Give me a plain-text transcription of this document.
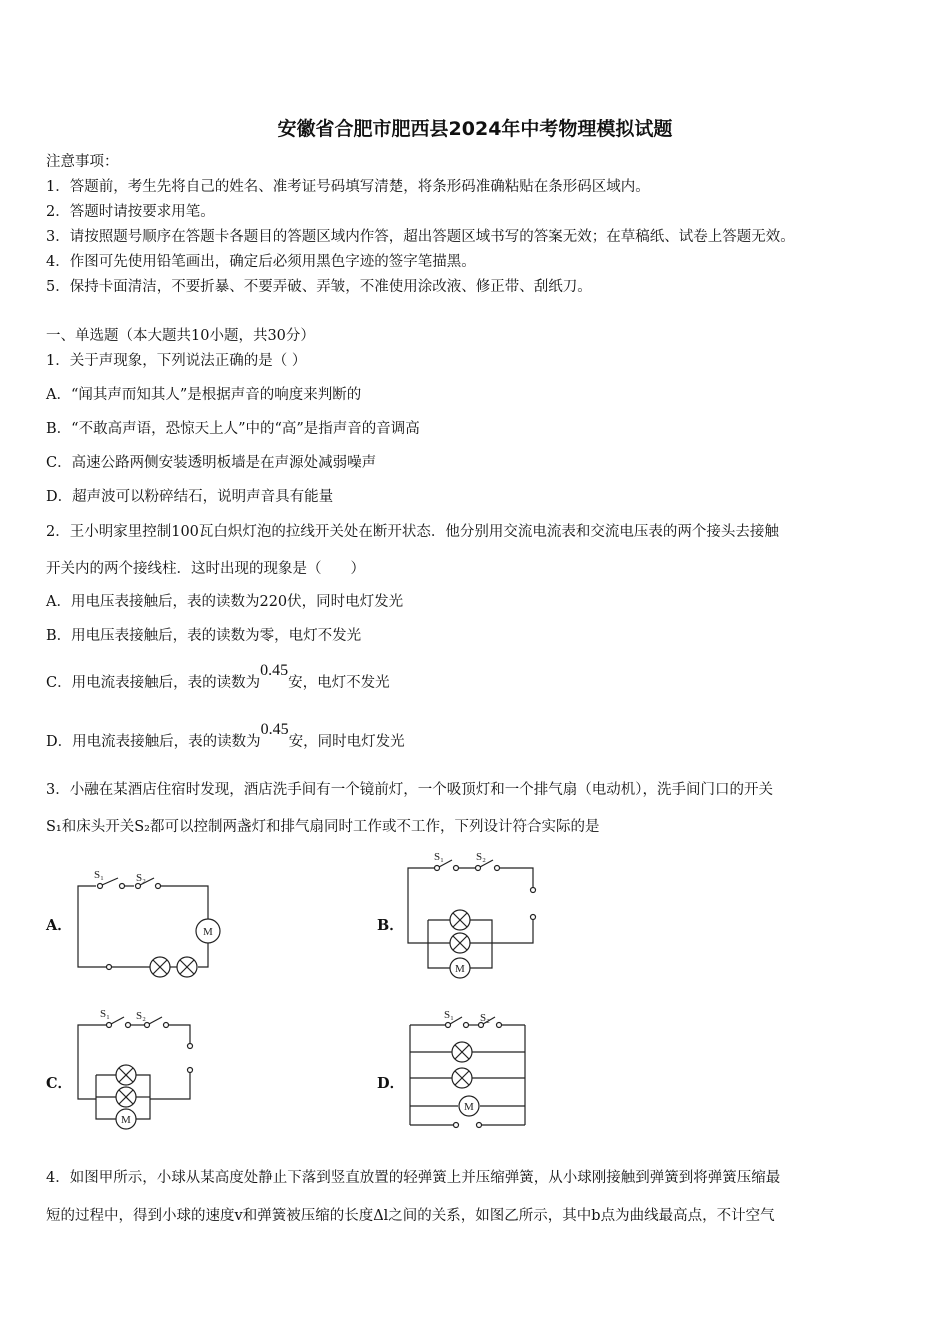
安徽省合肥市肥西县2024年中考物理模拟试题
注意事项：
1．答题前，考生先将自己的姓名、准考证号码填写清楚，将条形码准确粘贴在条形码区域内。
2．答题时请按要求用笔。
3．请按照题号顺序在答题卡各题目的答题区域内作答，超出答题区域书写的答案无效；在草稿纸、试卷上答题无效。
4．作图可先使用铅笔画出，确定后必须用黑色字迹的签字笔描黑。
5．保持卡面清洁，不要折暴、不要弄破、弄皱，不准使用涂改液、修正带、刮纸刀。
一、单选题（本大题共10小题，共30分）
1．关于声现象，下列说法正确的是（ ）
A．“闻其声而知其人”是根据声音的响度来判断的
B．“不敢高声语，恐惊天上人”中的“高”是指声音的音调高
C．高速公路两侧安装透明板墙是在声源处减弱噪声
D．超声波可以粉碎结石，说明声音具有能量
2．王小明家里控制100瓦白炽灯泡的拉线开关处在断开状态．他分别用交流电流表和交流电压表的两个接头去接触
开关内的两个接线柱．这时出现的现象是（　　）
A．用电压表接触后，表的读数为220伏，同时电灯发光
B．用电压表接触后，表的读数为零，电灯不发光
C．用电流表接触后，表的读数为0.45安，电灯不发光
D．用电流表接触后，表的读数为0.45安，同时电灯发光
3．小融在某酒店住宿时发现，酒店洗手间有一个镜前灯，一个吸顶灯和一个排气扇（电动机），洗手间门口的开关
S₁和床头开关S₂都可以控制两盏灯和排气扇同时工作或不工作，下列设计符合实际的是
A．
S₁	S₂
M	B．
S₁	S₂
M
C．
S₁ S₂
M
D．
S₁ S₂
M
4．如图甲所示，小球从某高度处静止下落到竖直放置的轻弹簧上并压缩弹簧，从小球刚接触到弹簧到将弹簧压缩最
短的过程中，得到小球的速度v和弹簧被压缩的长度Δl之间的关系，如图乙所示，其中b点为曲线最高点，不计空气
